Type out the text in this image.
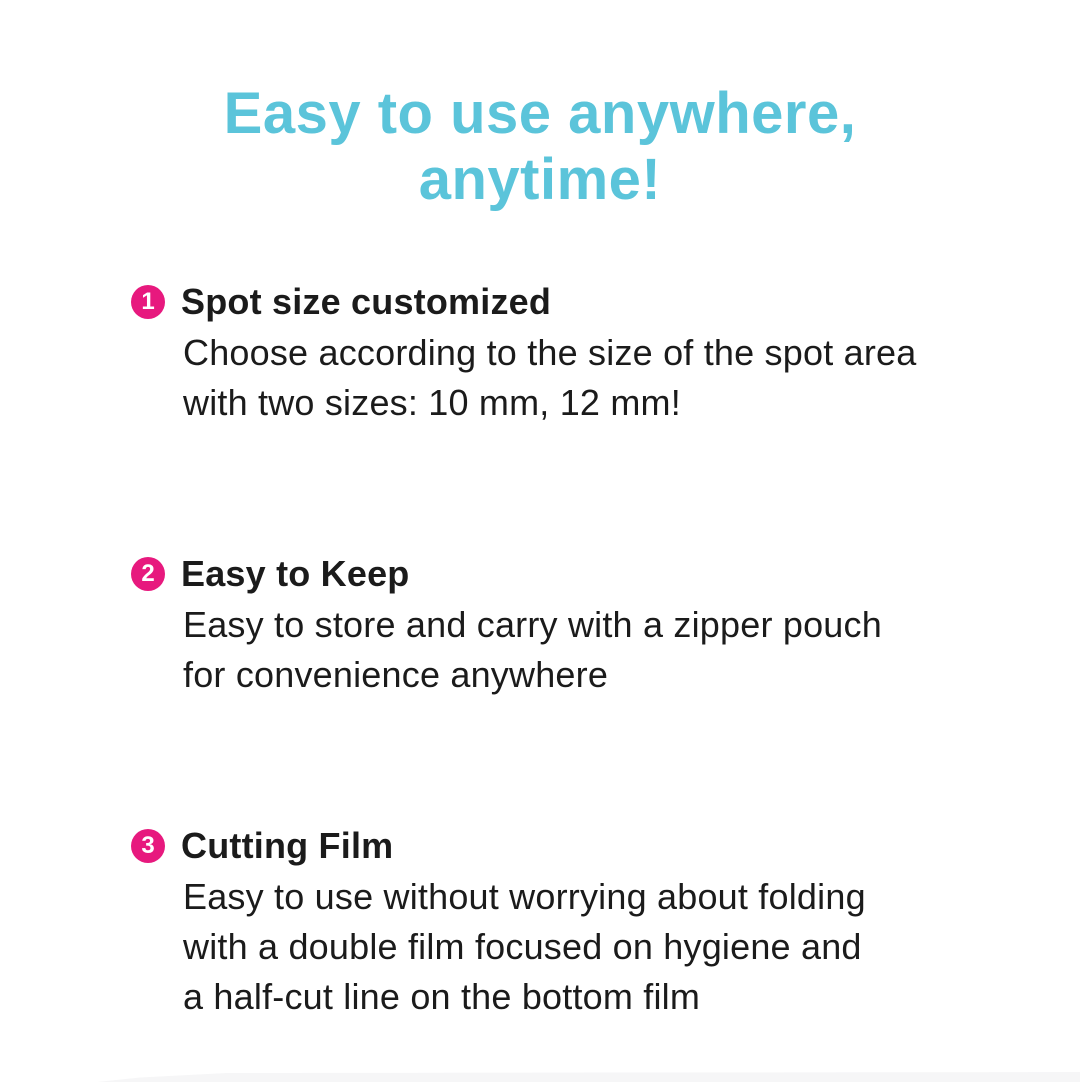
Easy to use anywhere,
anytime!
1 Spot size customized
Choose according to the size of the spot area
with two sizes: 10 mm, 12 mm!
2 Easy to Keep
Easy to store and carry with a zipper pouch
for convenience anywhere
3 Cutting Film
Easy to use without worrying about folding
with a double film focused on hygiene and
a half-cut line on the bottom film
